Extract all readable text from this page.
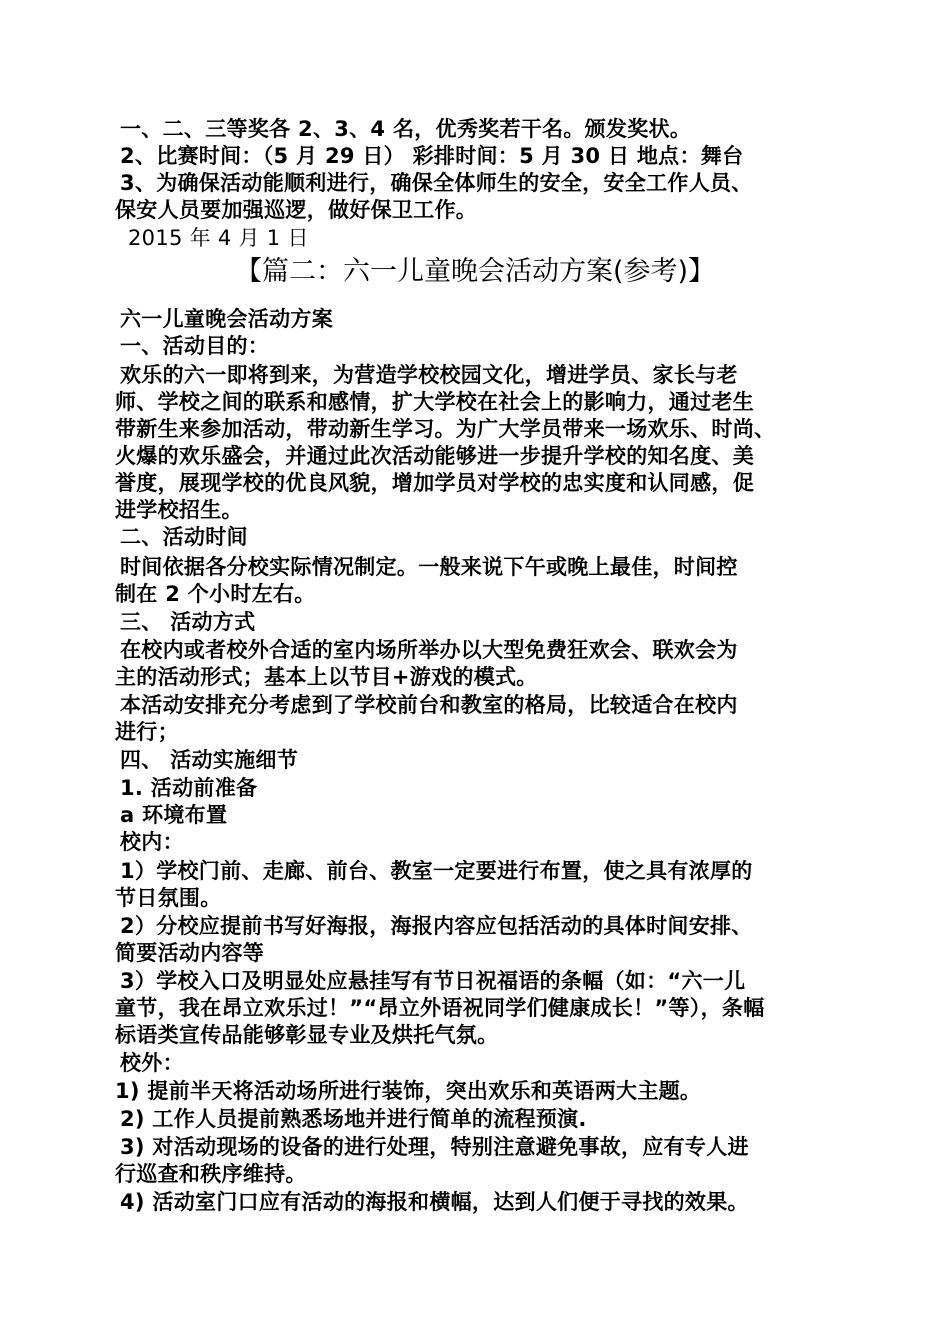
一、二、三等奖各 2、3、4 名，优秀奖若干名。颁发奖状。
2、比赛时间：（5 月 29 日） 彩排时间：5 月 30 日 地点：舞台
3、为确保活动能顺利进行，确保全体师生的安全，安全工作人员、
保安人员要加强巡逻，做好保卫工作。
2015 年 4 月 1 日
【篇二：六一儿童晚会活动方案(参考)】
六一儿童晚会活动方案
一、活动目的：
欢乐的六一即将到来，为营造学校校园文化，增进学员、家长与老
师、学校之间的联系和感情，扩大学校在社会上的影响力，通过老生
带新生来参加活动，带动新生学习。为广大学员带来一场欢乐、时尚、
火爆的欢乐盛会，并通过此次活动能够进一步提升学校的知名度、美
誉度，展现学校的优良风貌，增加学员对学校的忠实度和认同感，促
进学校招生。
二、活动时间
时间依据各分校实际情况制定。一般来说下午或晚上最佳，时间控
制在 2 个小时左右。
三、 活动方式
在校内或者校外合适的室内场所举办以大型免费狂欢会、联欢会为
主的活动形式；基本上以节目+游戏的模式。
本活动安排充分考虑到了学校前台和教室的格局，比较适合在校内
进行；
四、 活动实施细节
1. 活动前准备
a 环境布置
校内：
1）学校门前、走廊、前台、教室一定要进行布置，使之具有浓厚的
节日氛围。
2）分校应提前书写好海报，海报内容应包括活动的具体时间安排、
简要活动内容等
3）学校入口及明显处应悬挂写有节日祝福语的条幅（如：“六一儿
童节，我在昂立欢乐过！”“昂立外语祝同学们健康成长！”等），条幅
标语类宣传品能够彰显专业及烘托气氛。
校外：
1) 提前半天将活动场所进行装饰，突出欢乐和英语两大主题。
2) 工作人员提前熟悉场地并进行简单的流程预演.
3) 对活动现场的设备的进行处理，特别注意避免事故，应有专人进
行巡查和秩序维持。
4) 活动室门口应有活动的海报和横幅，达到人们便于寻找的效果。
